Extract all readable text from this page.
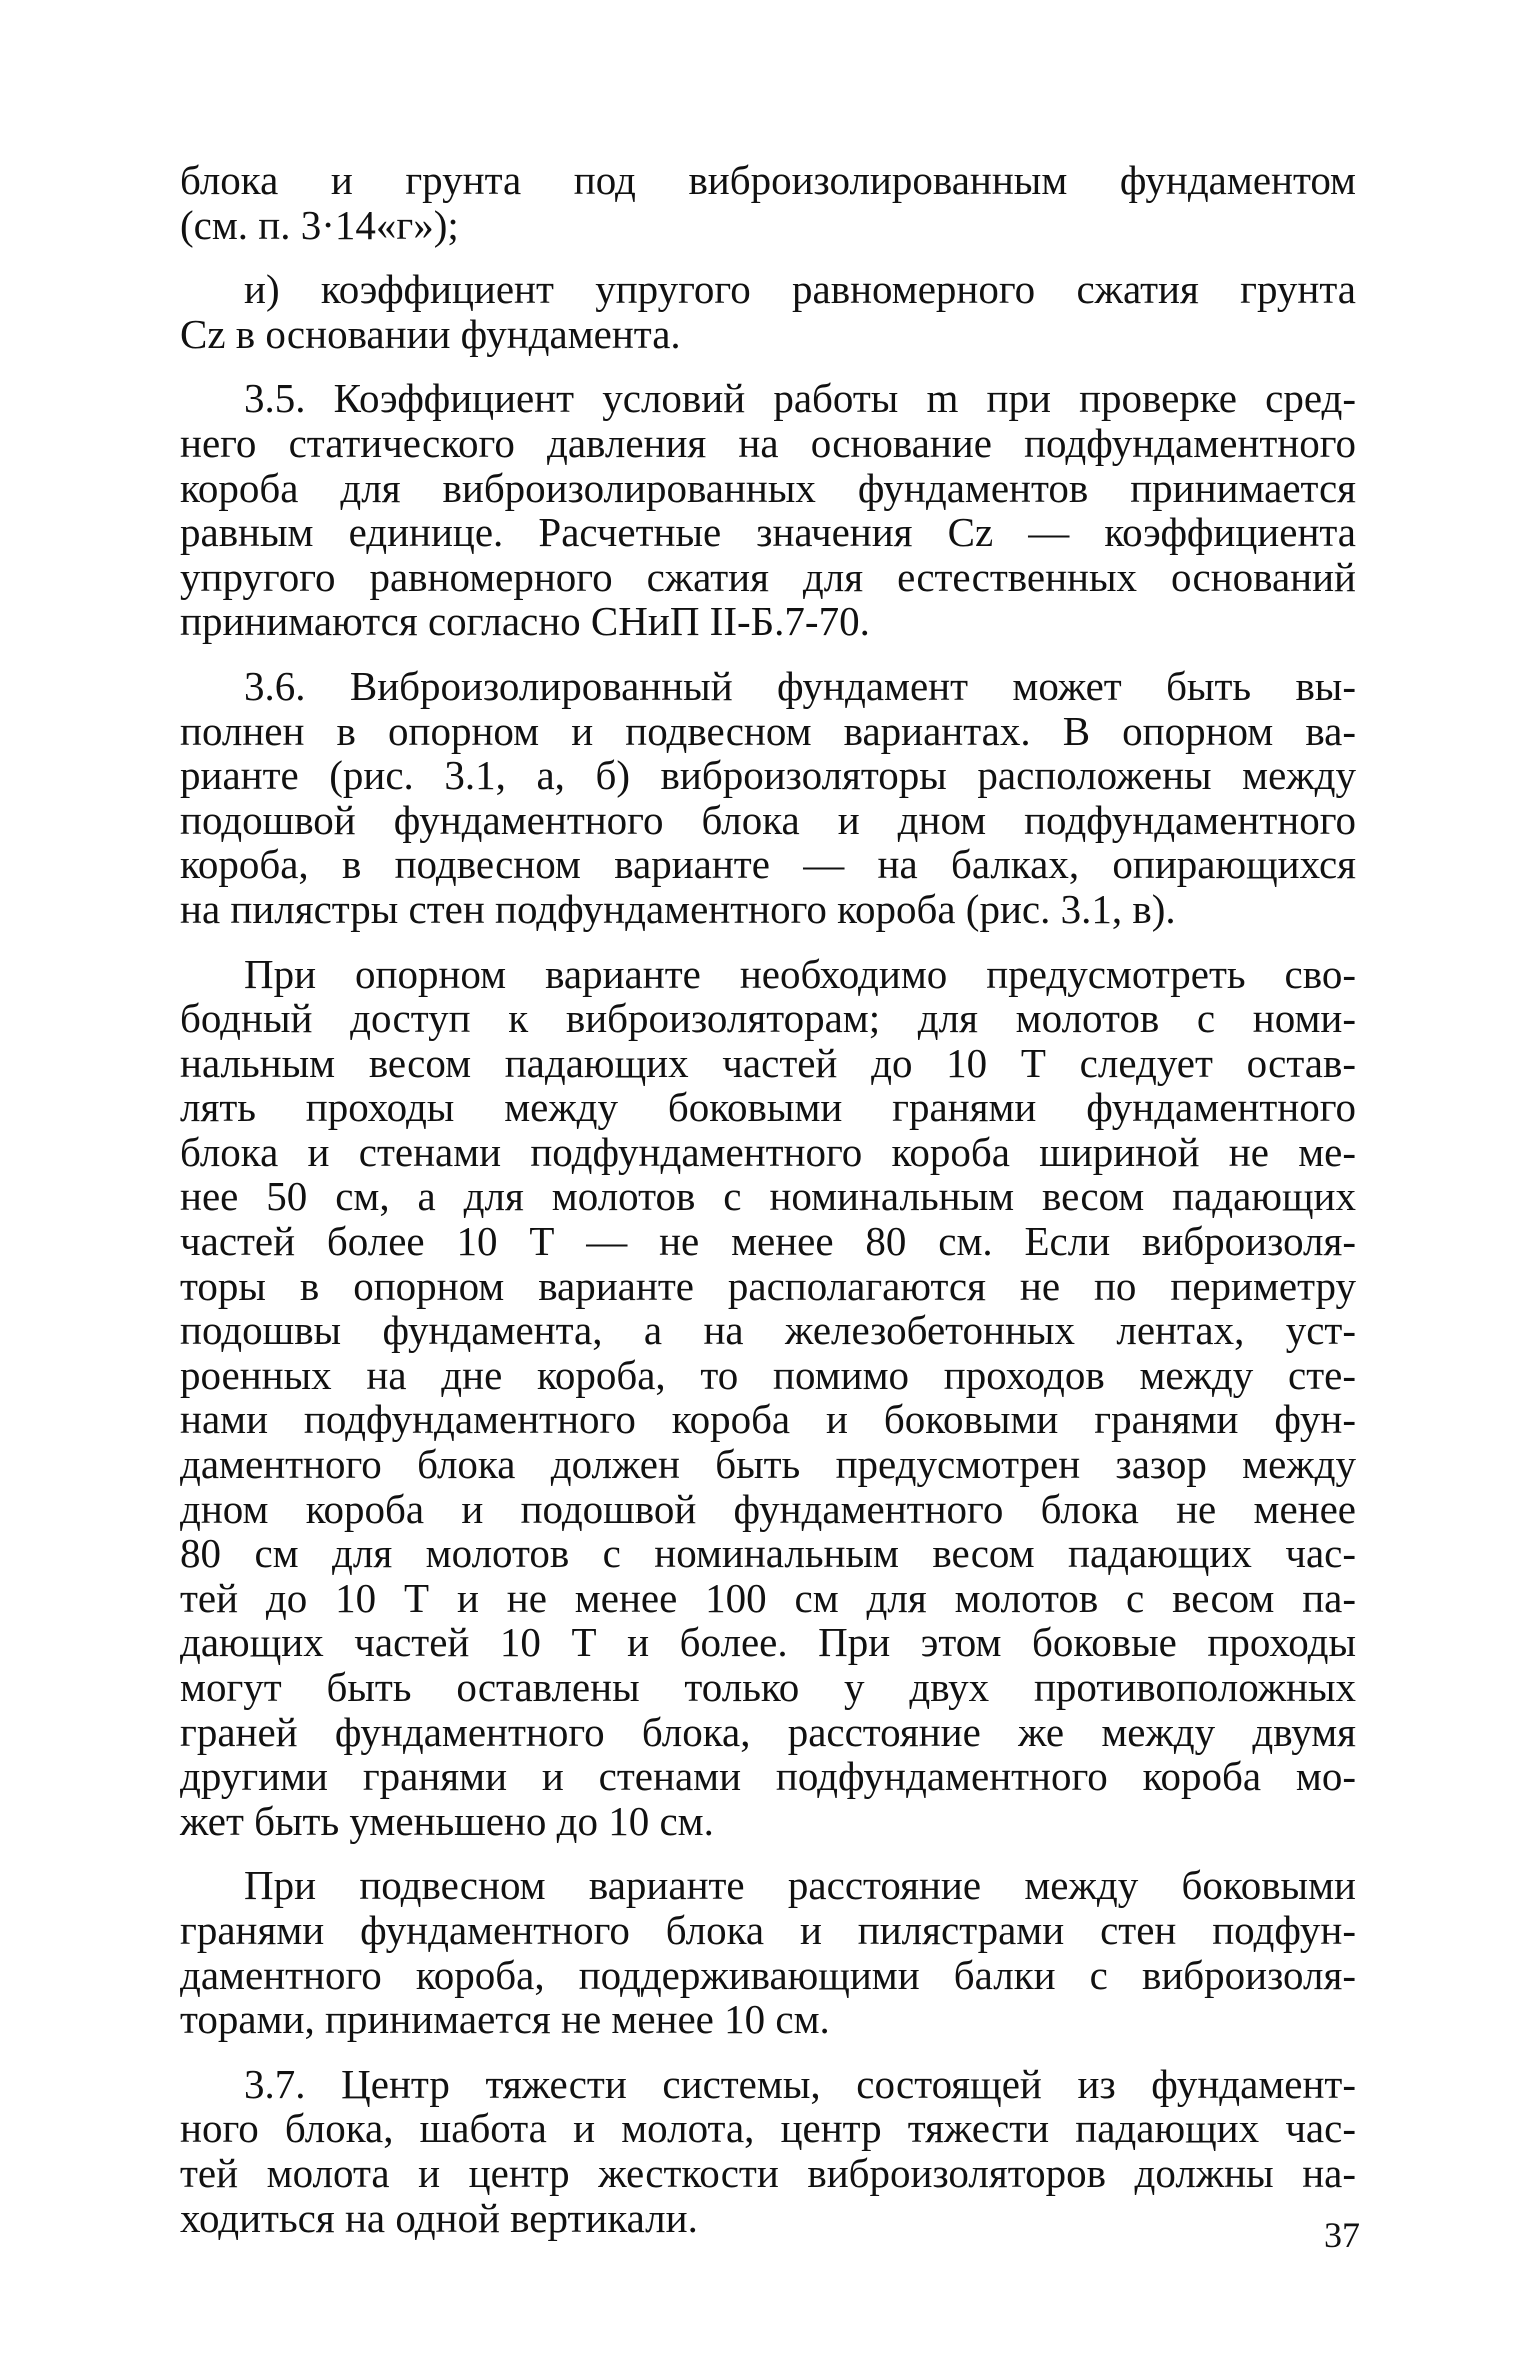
блока и грунта под виброизолированным фундаментом
(см. п. 3·14«г»);
и) коэффициент упругого равномерного сжатия грунта
Cz в основании фундамента.
3.5. Коэффициент условий работы m при проверке сред-
него статического давления на основание подфундаментного
короба для виброизолированных фундаментов принимается
равным единице. Расчетные значения Cz — коэффициента
упругого равномерного сжатия для естественных оснований
принимаются согласно СНиП II-Б.7-70.
3.6. Виброизолированный фундамент может быть вы-
полнен в опорном и подвесном вариантах. В опорном ва-
рианте (рис. 3.1, а, б) виброизоляторы расположены между
подошвой фундаментного блока и дном подфундаментного
короба, в подвесном варианте — на балках, опирающихся
на пилястры стен подфундаментного короба (рис. 3.1, в).
При опорном варианте необходимо предусмотреть сво-
бодный доступ к виброизоляторам; для молотов с номи-
нальным весом падающих частей до 10 Т следует остав-
лять проходы между боковыми гранями фундаментного
блока и стенами подфундаментного короба шириной не ме-
нее 50 см, а для молотов с номинальным весом падающих
частей более 10 Т — не менее 80 см. Если виброизоля-
торы в опорном варианте располагаются не по периметру
подошвы фундамента, а на железобетонных лентах, уст-
роенных на дне короба, то помимо проходов между сте-
нами подфундаментного короба и боковыми гранями фун-
даментного блока должен быть предусмотрен зазор между
дном короба и подошвой фундаментного блока не менее
80 см для молотов с номинальным весом падающих час-
тей до 10 Т и не менее 100 см для молотов с весом па-
дающих частей 10 Т и более. При этом боковые проходы
могут быть оставлены только у двух противоположных
граней фундаментного блока, расстояние же между двумя
другими гранями и стенами подфундаментного короба мо-
жет быть уменьшено до 10 см.
При подвесном варианте расстояние между боковыми
гранями фундаментного блока и пилястрами стен подфун-
даментного короба, поддерживающими балки с виброизоля-
торами, принимается не менее 10 см.
3.7. Центр тяжести системы, состоящей из фундамент-
ного блока, шабота и молота, центр тяжести падающих час-
тей молота и центр жесткости виброизоляторов должны на-
ходиться на одной вертикали.	37
